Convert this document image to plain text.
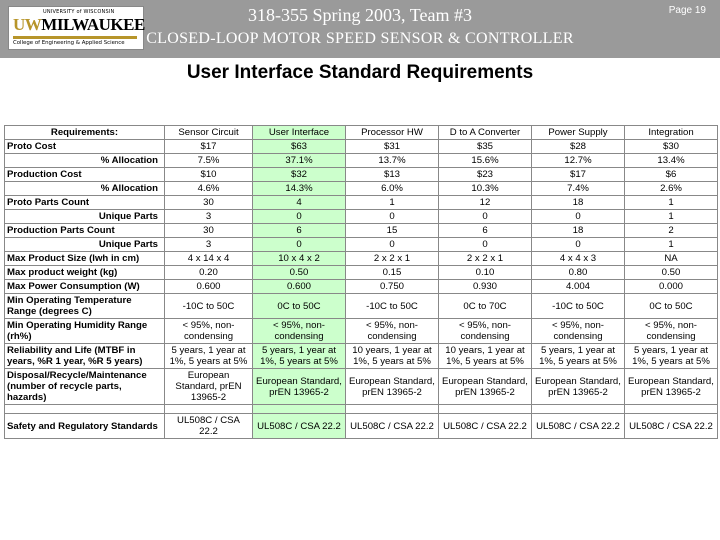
UNIVERSITY of WISCONSIN
UWMILWAUKEE
College of Engineering & Applied Science
318-355 Spring 2003, Team #3
CLOSED-LOOP MOTOR SPEED SENSOR & CONTROLLER
Page 19
User Interface Standard Requirements
Requirements:	Sensor Circuit	User Interface	Processor HW	D to A Converter	Power Supply	Integration
Proto Cost	$17	$63	$31	$35	$28	$30
% Allocation	7.5%	37.1%	13.7%	15.6%	12.7%	13.4%
Production Cost	$10	$32	$13	$23	$17	$6
% Allocation	4.6%	14.3%	6.0%	10.3%	7.4%	2.6%
Proto Parts Count	30	4	1	12	18	1
Unique Parts	3	0	0	0	0	1
Production Parts Count	30	6	15	6	18	2
Unique Parts	3	0	0	0	0	1
Max Product Size (lwh in cm)	4 x 14 x 4	10 x 4 x 2	2 x 2 x 1	2 x 2 x 1	4 x 4 x 3	NA
Max product weight (kg)	0.20	0.50	0.15	0.10	0.80	0.50
Max Power Consumption (W)	0.600	0.600	0.750	0.930	4.004	0.000
Min Operating Temperature Range (degrees C)	-10C to 50C	0C to 50C	-10C to 50C	0C to 70C	-10C to 50C	0C to 50C
Min Operating Humidity Range (rh%)	< 95%, non-condensing	< 95%, non-condensing	< 95%, non-condensing	< 95%, non-condensing	< 95%, non-condensing	< 95%, non-condensing
Reliability and Life (MTBF in years, %R 1 year, %R 5 years)	5 years, 1 year at 1%, 5 years at 5%	5 years, 1 year at 1%, 5 years at 5%	10 years, 1 year at 1%, 5 years at 5%	10 years, 1 year at 1%, 5 years at 5%	5 years, 1 year at 1%, 5 years at 5%	5 years, 1 year at 1%, 5 years at 5%
Disposal/Recycle/Maintenance (number of recycle parts, hazards)	European Standard, prEN 13965-2	European Standard, prEN 13965-2	European Standard, prEN 13965-2	European Standard, prEN 13965-2	European Standard, prEN 13965-2	European Standard, prEN 13965-2

Safety and Regulatory Standards	UL508C / CSA 22.2	UL508C / CSA 22.2	UL508C / CSA 22.2	UL508C / CSA 22.2	UL508C / CSA 22.2	UL508C / CSA 22.2
